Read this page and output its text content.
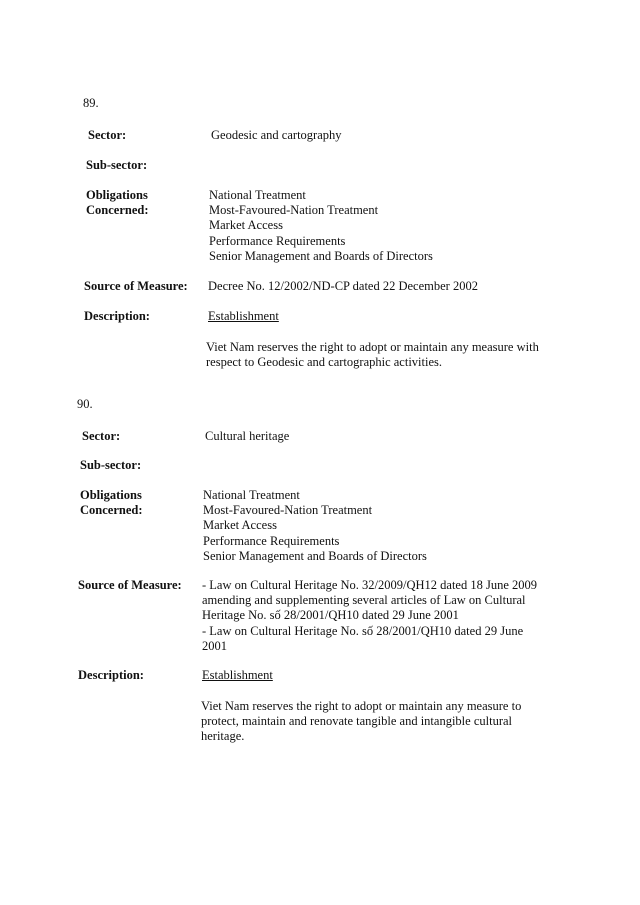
89.
Sector:	Geodesic and cartography
Sub-sector:
Obligations
Concerned:
National Treatment
Most-Favoured-Nation Treatment
Market Access
Performance Requirements
Senior Management and Boards of Directors
Source of Measure: Decree No. 12/2002/ND-CP dated 22 December 2002
Description:	Establishment
Viet Nam reserves the right to adopt or maintain any measure with
respect to Geodesic and cartographic activities.
90.
Sector:	Cultural heritage
Sub-sector:
Obligations
Concerned:
National Treatment
Most-Favoured-Nation Treatment
Market Access
Performance Requirements
Senior Management and Boards of Directors
Source of Measure: - Law on Cultural Heritage No. 32/2009/QH12 dated 18 June 2009
amending and supplementing several articles of Law on Cultural
Heritage No. số 28/2001/QH10 dated 29 June 2001
- Law on Cultural Heritage No. số 28/2001/QH10 dated 29 June
2001
Description:	Establishment
Viet Nam reserves the right to adopt or maintain any measure to
protect, maintain and renovate tangible and intangible cultural
heritage.
